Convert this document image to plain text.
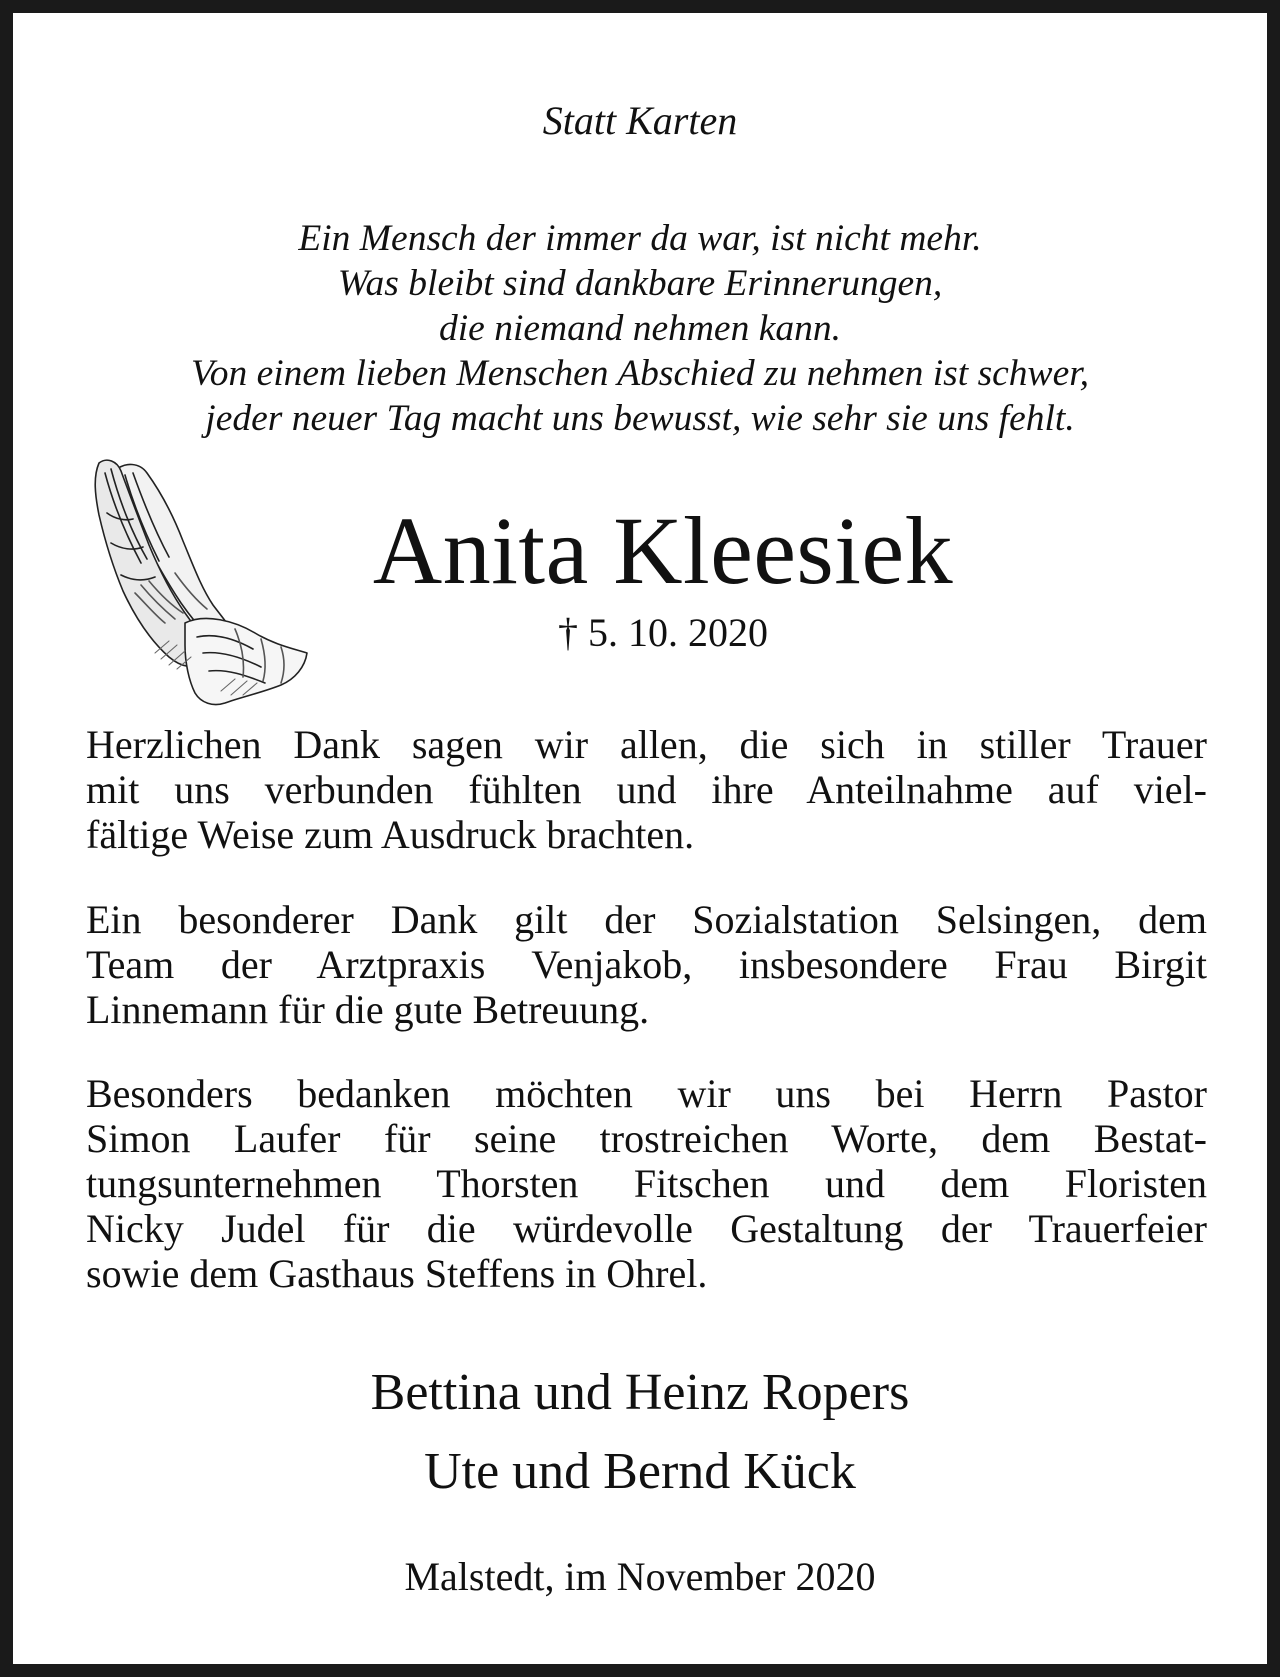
Statt Karten
Ein Mensch der immer da war, ist nicht mehr.
Was bleibt sind dankbare Erinnerungen,
die niemand nehmen kann.
Von einem lieben Menschen Abschied zu nehmen ist schwer,
jeder neuer Tag macht uns bewusst, wie sehr sie uns fehlt.
Anita Kleesiek
† 5. 10. 2020
Herzlichen Dank sagen wir allen, die sich in stiller Trauer
mit uns verbunden fühlten und ihre Anteilnahme auf viel-
fältige Weise zum Ausdruck brachten.
Ein besonderer Dank gilt der Sozialstation Selsingen, dem
Team der Arztpraxis Venjakob, insbesondere Frau Birgit
Linnemann für die gute Betreuung.
Besonders bedanken möchten wir uns bei Herrn Pastor
Simon Laufer für seine trostreichen Worte, dem Bestat-
tungsunternehmen Thorsten Fitschen und dem Floristen
Nicky Judel für die würdevolle Gestaltung der Trauerfeier
sowie dem Gasthaus Steffens in Ohrel.
Bettina und Heinz Ropers
Ute und Bernd Kück
Malstedt, im November 2020
